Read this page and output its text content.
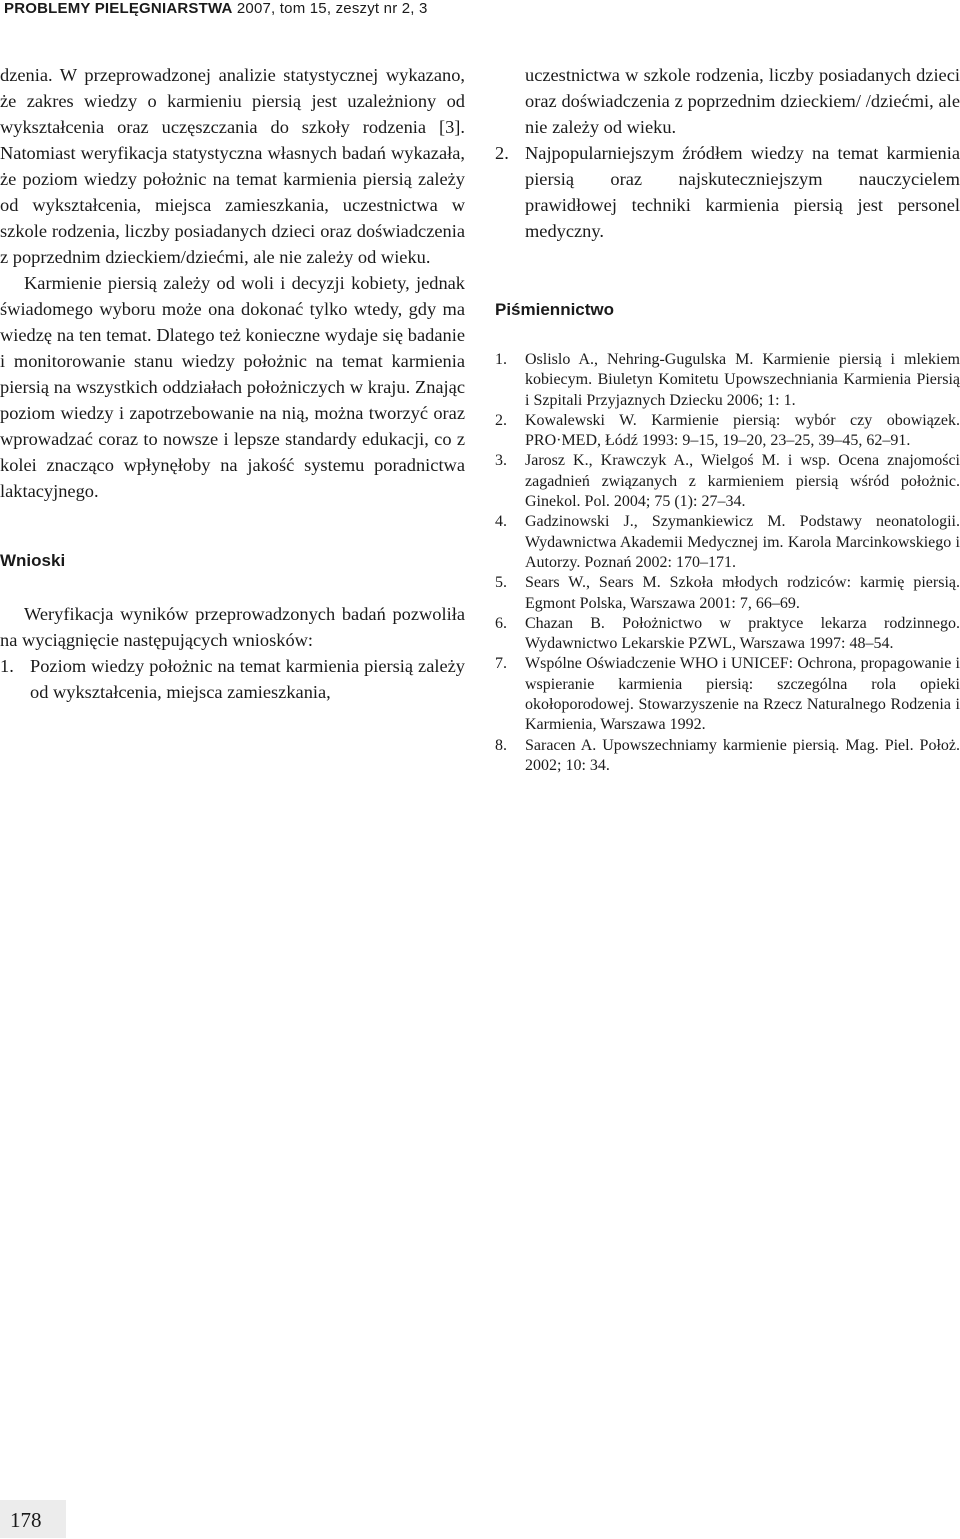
PROBLEMY PIELĘGNIARSTWA 2007, tom 15, zeszyt nr 2, 3

dzenia. W przeprowadzonej analizie statystycznej wykazano, że zakres wiedzy o karmieniu piersią jest uzależniony od wykształcenia oraz uczęszczania do szkoły rodzenia [3]. Natomiast weryfikacja statystyczna własnych badań wykazała, że poziom wiedzy położnic na temat karmienia piersią zależy od wykształcenia, miejsca zamieszkania, uczestnictwa w szkole rodzenia, liczby posiadanych dzieci oraz doświadczenia z poprzednim dzieckiem/dziećmi, ale nie zależy od wieku.

Karmienie piersią zależy od woli i decyzji kobiety, jednak świadomego wyboru może ona dokonać tylko wtedy, gdy ma wiedzę na ten temat. Dlatego też konieczne wydaje się badanie i monitorowanie stanu wiedzy położnic na temat karmienia piersią na wszystkich oddziałach położniczych w kraju. Znając poziom wiedzy i zapotrzebowanie na nią, można tworzyć oraz wprowadzać coraz to nowsze i lepsze standardy edukacji, co z kolei znacząco wpłynęłoby na jakość systemu poradnictwa laktacyjnego.

Wnioski

Weryfikacja wyników przeprowadzonych badań pozwoliła na wyciągnięcie następujących wniosków:

1. Poziom wiedzy położnic na temat karmienia piersią zależy od wykształcenia, miejsca zamieszkania,

uczestnictwa w szkole rodzenia, liczby posiadanych dzieci oraz doświadczenia z poprzednim dzieckiem/ /dziećmi, ale nie zależy od wieku.

2. Najpopularniejszym źródłem wiedzy na temat karmienia piersią oraz najskuteczniejszym nauczycielem prawidłowej techniki karmienia piersią jest personel medyczny.

Piśmiennictwo
1. Oslislo A., Nehring-Gugulska M. Karmienie piersią i mlekiem kobiecym. Biuletyn Komitetu Upowszechniania Karmienia Piersią i Szpitali Przyjaznych Dziecku 2006; 1: 1.
2. Kowalewski W. Karmienie piersią: wybór czy obowiązek. PRO·MED, Łódź 1993: 9–15, 19–20, 23–25, 39–45, 62–91.
3. Jarosz K., Krawczyk A., Wielgoś M. i wsp. Ocena znajomości zagadnień związanych z karmieniem piersią wśród położnic. Ginekol. Pol. 2004; 75 (1): 27–34.
4. Gadzinowski J., Szymankiewicz M. Podstawy neonatologii. Wydawnictwa Akademii Medycznej im. Karola Marcinkowskiego i Autorzy. Poznań 2002: 170–171.
5. Sears W., Sears M. Szkoła młodych rodziców: karmię piersią. Egmont Polska, Warszawa 2001: 7, 66–69.
6. Chazan B. Położnictwo w praktyce lekarza rodzinnego. Wydawnictwo Lekarskie PZWL, Warszawa 1997: 48–54.
7. Wspólne Oświadczenie WHO i UNICEF: Ochrona, propagowanie i wspieranie karmienia piersią: szczególna rola opieki okołoporodowej. Stowarzyszenie na Rzecz Naturalnego Rodzenia i Karmienia, Warszawa 1992.
8. Saracen A. Upowszechniamy karmienie piersią. Mag. Piel. Położ. 2002; 10: 34.
178
